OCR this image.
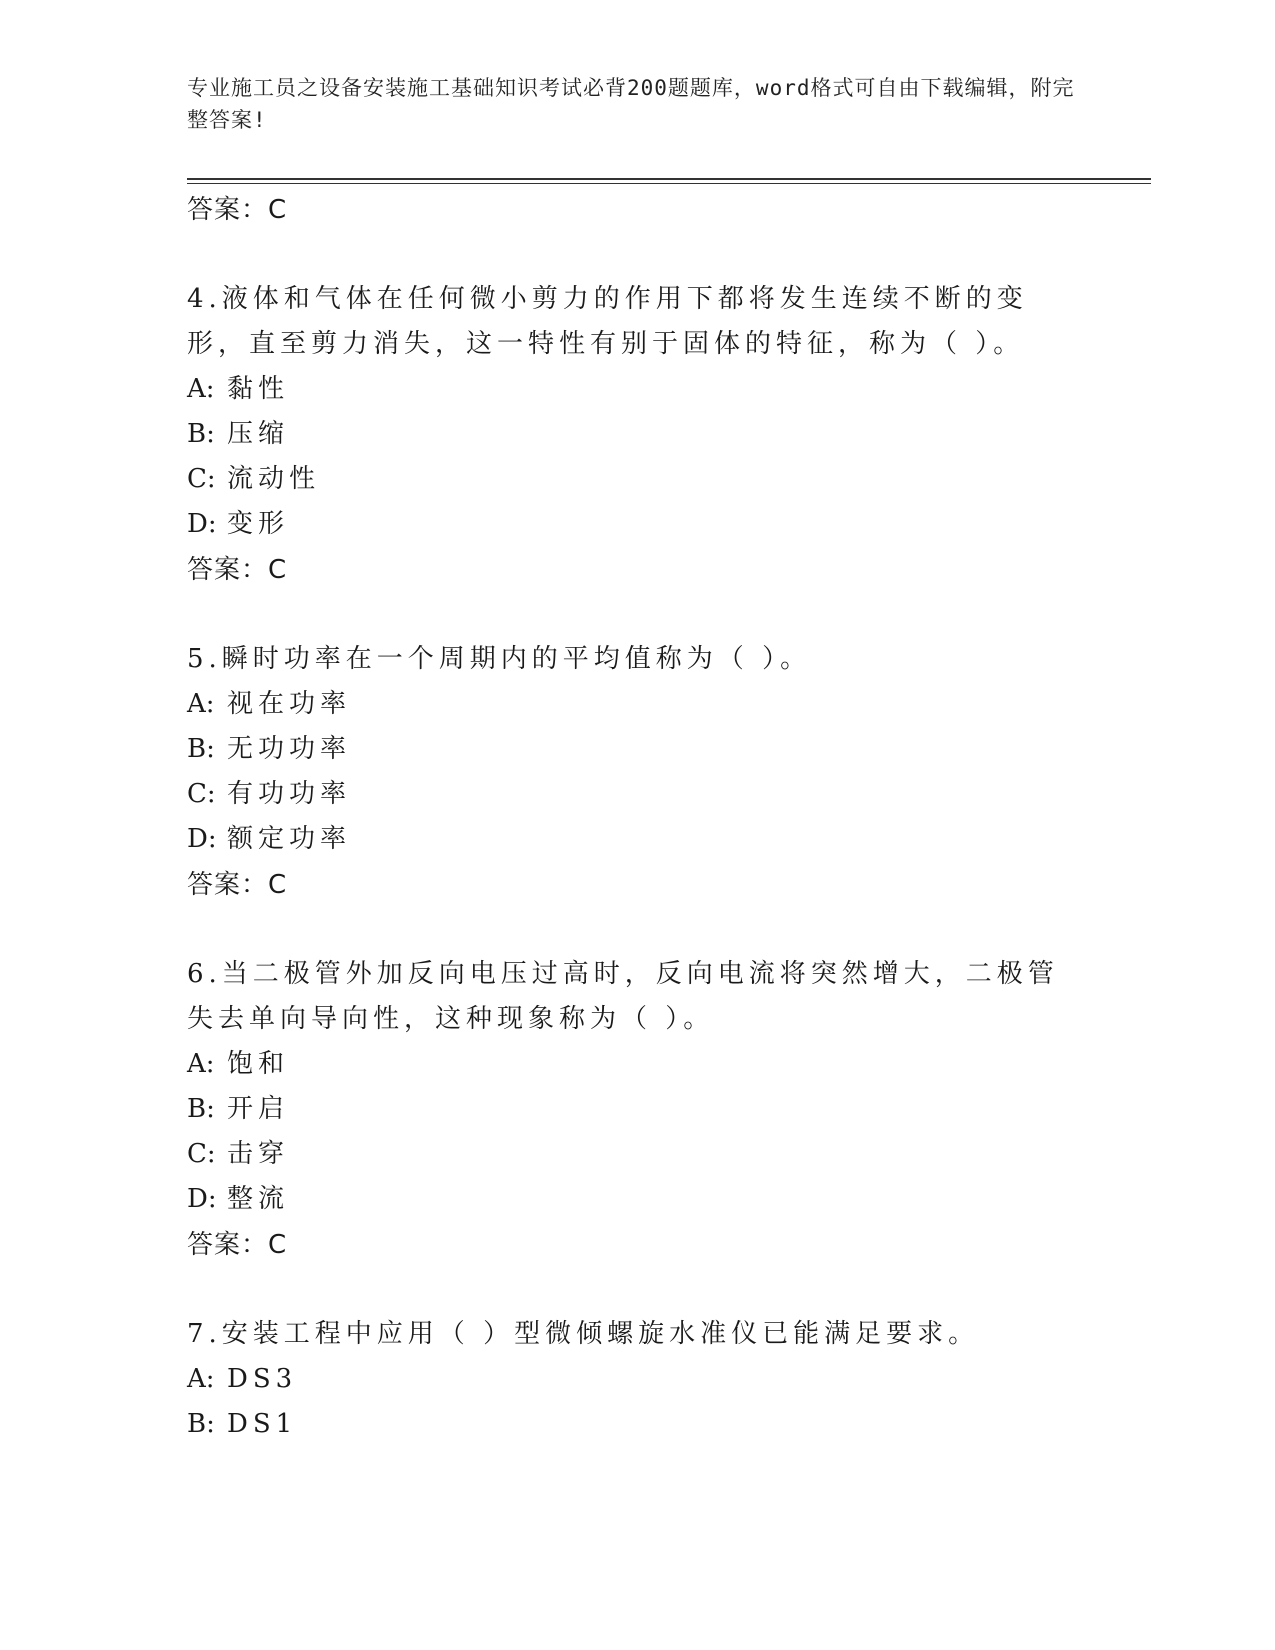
专业施工员之设备安装施工基础知识考试必背200题题库，word格式可自由下载编辑，附完整答案!
答案：C
4.液体和气体在任何微小剪力的作用下都将发生连续不断的变形，直至剪力消失，这一特性有别于固体的特征，称为（ ）。
A: 黏性
B: 压缩
C: 流动性
D: 变形
答案：C
5.瞬时功率在一个周期内的平均值称为（ ）。
A: 视在功率
B: 无功功率
C: 有功功率
D: 额定功率
答案：C
6.当二极管外加反向电压过高时，反向电流将突然增大，二极管失去单向导向性，这种现象称为（ ）。
A: 饱和
B: 开启
C: 击穿
D: 整流
答案：C
7.安装工程中应用（ ）型微倾螺旋水准仪已能满足要求。
A: DS3
B: DS1
